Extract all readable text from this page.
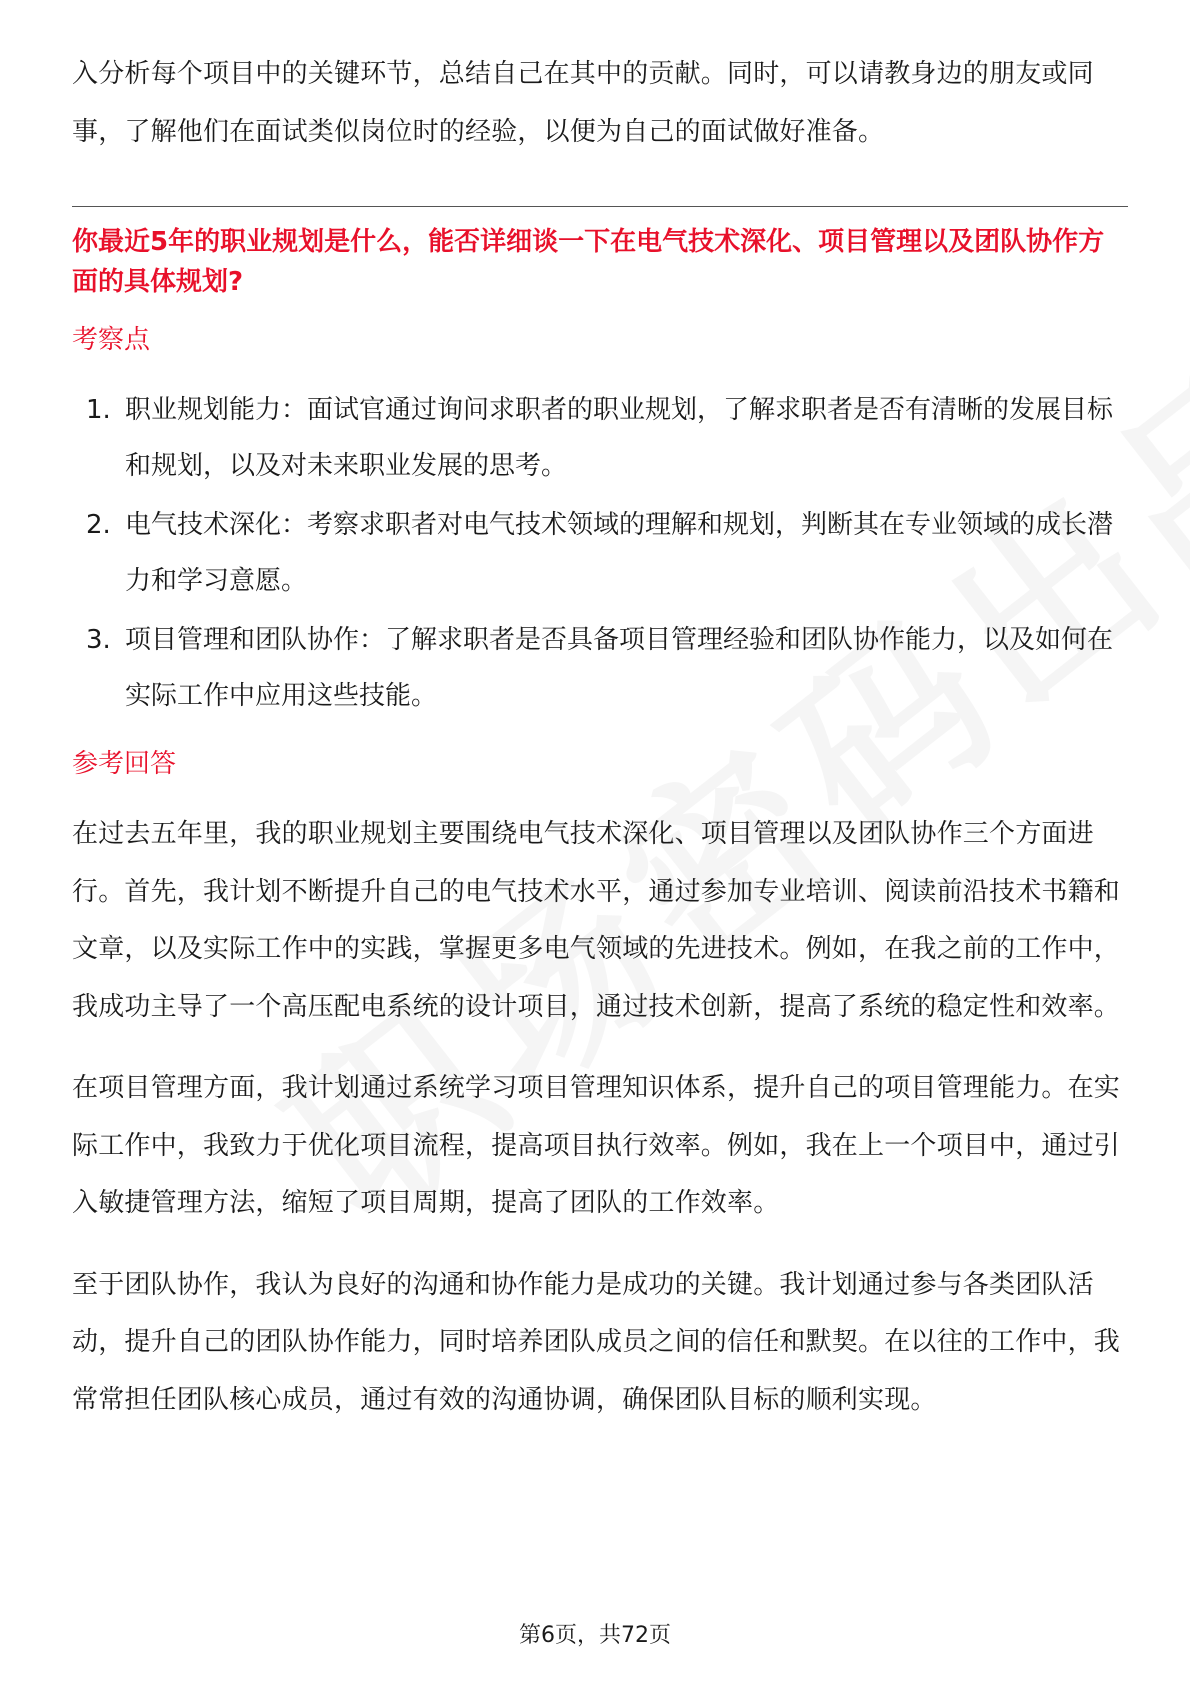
入分析每个项目中的关键环节，总结自己在其中的贡献。同时，可以请教身边的朋友或同事，了解他们在面试类似岗位时的经验，以便为自己的面试做好准备。

你最近5年的职业规划是什么，能否详细谈一下在电气技术深化、项目管理以及团队协作方面的具体规划?
考察点
1. 职业规划能力：面试官通过询问求职者的职业规划，了解求职者是否有清晰的发展目标和规划，以及对未来职业发展的思考。
2. 电气技术深化：考察求职者对电气技术领域的理解和规划，判断其在专业领域的成长潜力和学习意愿。
3. 项目管理和团队协作：了解求职者是否具备项目管理经验和团队协作能力，以及如何在实际工作中应用这些技能。
参考回答

在过去五年里，我的职业规划主要围绕电气技术深化、项目管理以及团队协作三个方面进行。首先，我计划不断提升自己的电气技术水平，通过参加专业培训、阅读前沿技术书籍和文章，以及实际工作中的实践，掌握更多电气领域的先进技术。例如，在我之前的工作中，我成功主导了一个高压配电系统的设计项目，通过技术创新，提高了系统的稳定性和效率。

在项目管理方面，我计划通过系统学习项目管理知识体系，提升自己的项目管理能力。在实际工作中，我致力于优化项目流程，提高项目执行效率。例如，我在上一个项目中，通过引入敏捷管理方法，缩短了项目周期，提高了团队的工作效率。

至于团队协作，我认为良好的沟通和协作能力是成功的关键。我计划通过参与各类团队活动，提升自己的团队协作能力，同时培养团队成员之间的信任和默契。在以往的工作中，我常常担任团队核心成员，通过有效的沟通协调，确保团队目标的顺利实现。

第6页，共72页
